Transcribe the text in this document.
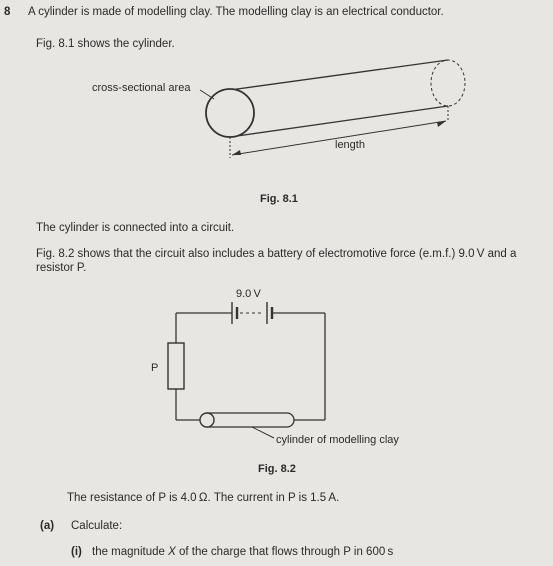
8 A cylinder is made of modelling clay. The modelling clay is an electrical conductor.
Fig. 8.1 shows the cylinder.
cross-sectional area
length
Fig. 8.1
The cylinder is connected into a circuit.
Fig. 8.2 shows that the circuit also includes a battery of electromotive force (e.m.f.) 9.0 V and a
resistor P.
9.0 V
P
cylinder of modelling clay
Fig. 8.2
The resistance of P is 4.0 Ω. The current in P is 1.5 A.
(a) Calculate:
(i) the magnitude X of the charge that flows through P in 600 s
